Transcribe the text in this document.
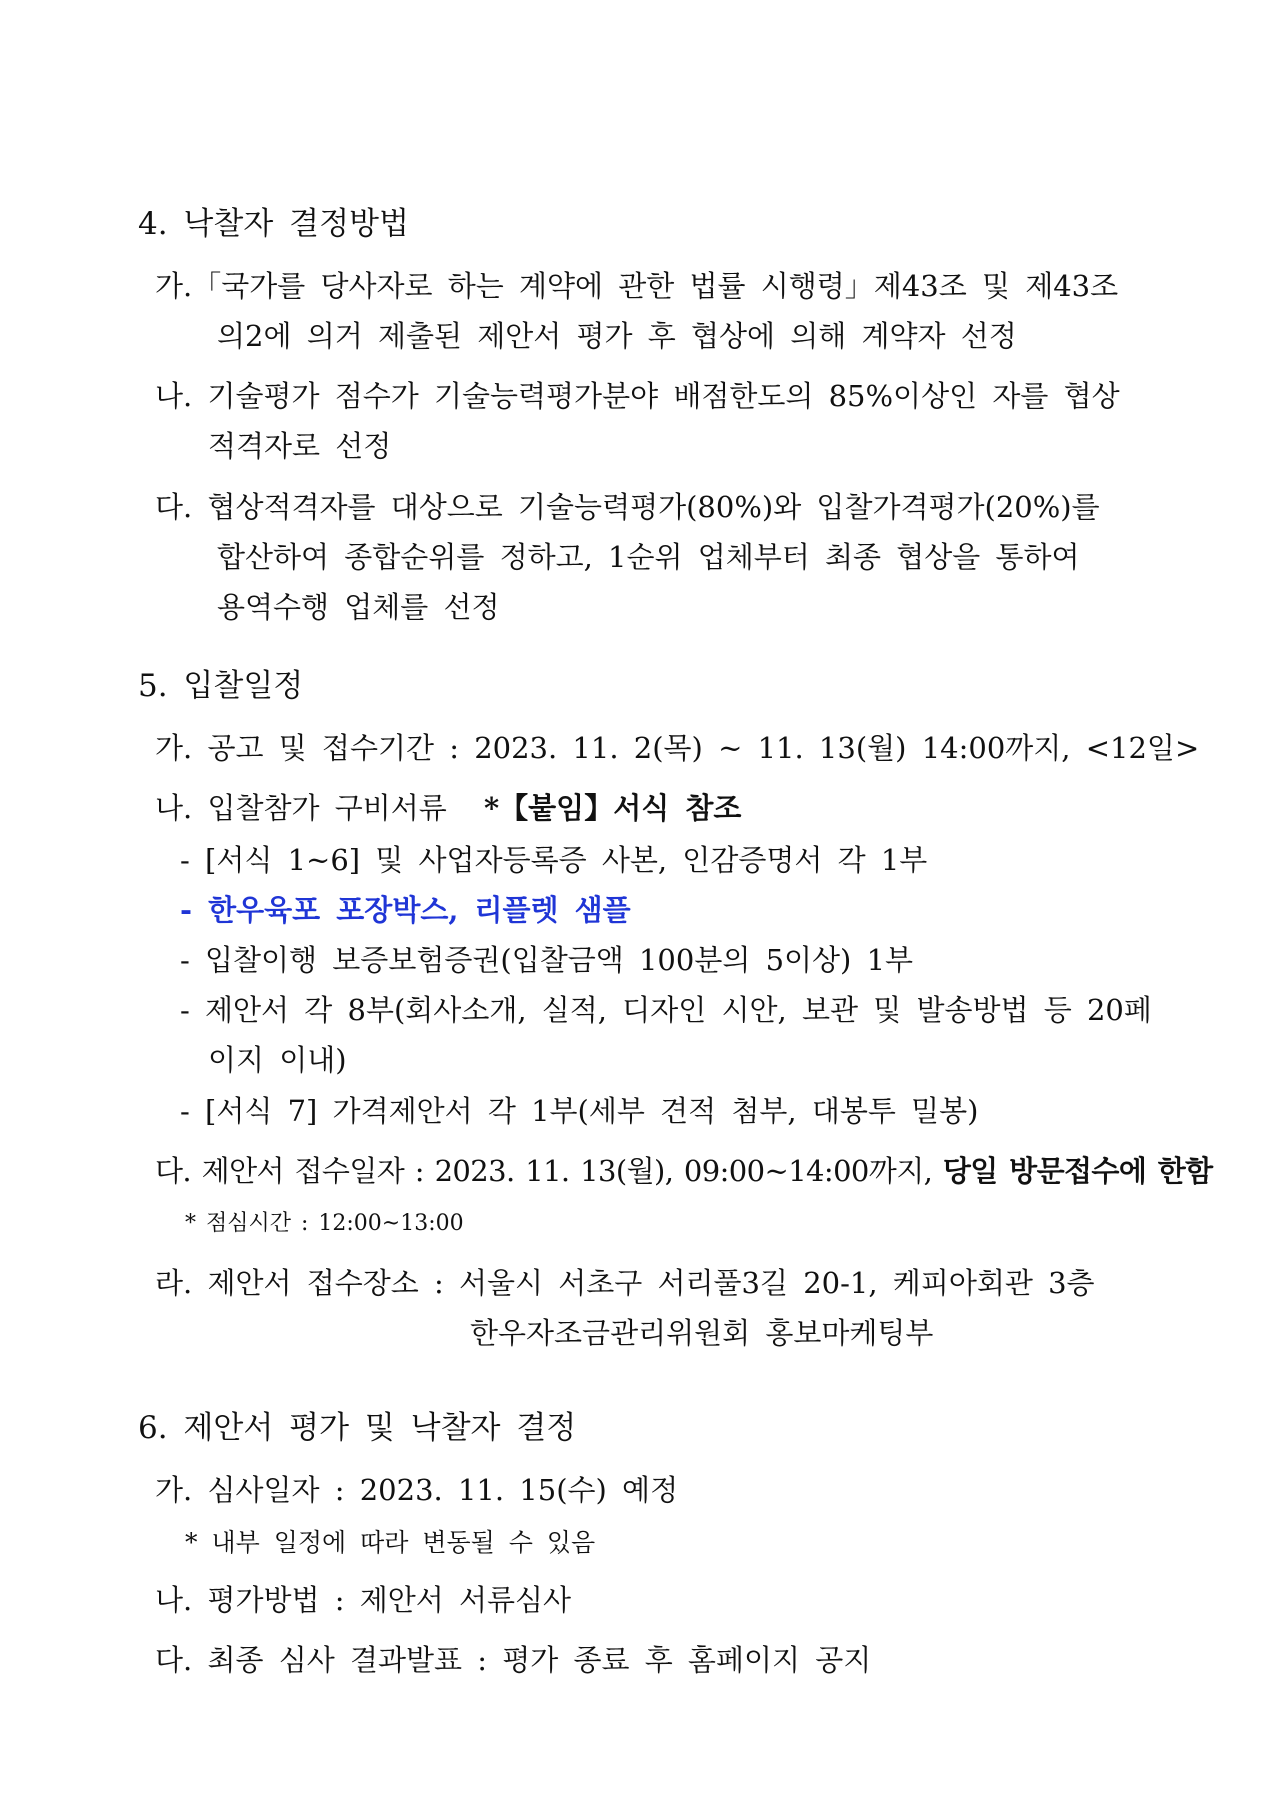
4. 낙찰자 결정방법
가.「국가를 당사자로 하는 계약에 관한 법률 시행령」제43조 및 제43조
의2에 의거 제출된 제안서 평가 후 협상에 의해 계약자 선정
나. 기술평가 점수가 기술능력평가분야 배점한도의 85%이상인 자를 협상
적격자로 선정
다. 협상적격자를 대상으로 기술능력평가(80%)와 입찰가격평가(20%)를
합산하여 종합순위를 정하고, 1순위 업체부터 최종 협상을 통하여
용역수행 업체를 선정
5. 입찰일정
가. 공고 및 접수기간 : 2023. 11. 2(목) ~ 11. 13(월) 14:00까지, <12일>
나. 입찰참가 구비서류 *【붙임】서식 참조
- [서식 1~6] 및 사업자등록증 사본, 인감증명서 각 1부
- 한우육포 포장박스, 리플렛 샘플
- 입찰이행 보증보험증권(입찰금액 100분의 5이상) 1부
- 제안서 각 8부(회사소개, 실적, 디자인 시안, 보관 및 발송방법 등 20페
이지 이내)
- [서식 7] 가격제안서 각 1부(세부 견적 첨부, 대봉투 밀봉)
다. 제안서 접수일자 : 2023. 11. 13(월), 09:00~14:00까지, 당일 방문접수에 한함
* 점심시간 : 12:00~13:00
라. 제안서 접수장소 : 서울시 서초구 서리풀3길 20-1, 케피아회관 3층
한우자조금관리위원회 홍보마케팅부
6. 제안서 평가 및 낙찰자 결정
가. 심사일자 : 2023. 11. 15(수) 예정
* 내부 일정에 따라 변동될 수 있음
나. 평가방법 : 제안서 서류심사
다. 최종 심사 결과발표 : 평가 종료 후 홈페이지 공지
